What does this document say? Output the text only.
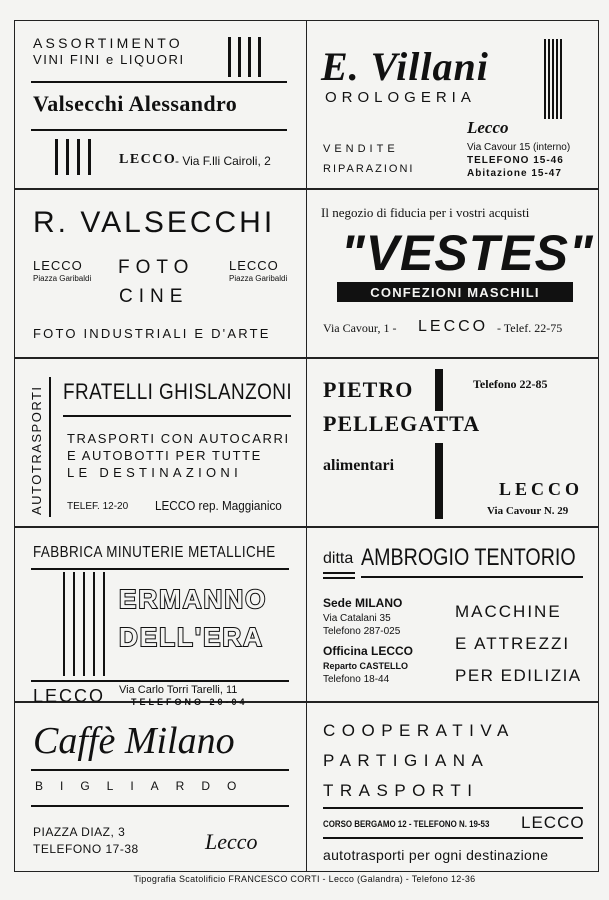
ASSORTIMENTO
VINI FINI e LIQUORI
Valsecchi Alessandro
LECCO
- Via F.lli Cairoli, 2
E. Villani
OROLOGERIA
Lecco
VENDITE
RIPARAZIONI
Via Cavour 15 (interno)
TELEFONO 15-46
Abitazione 15-47
R. VALSECCHI
LECCO
Piazza Garibaldi
FOTO
CINE
LECCO
Piazza Garibaldi
FOTO INDUSTRIALI E D'ARTE
Il negozio di fiducia per i vostri acquisti
"VESTES"
CONFEZIONI MASCHILI
Via Cavour, 1 - LECCO - Telef. 22-75
AUTOTRASPORTI FRATELLI GHISLANZONI
TRASPORTI CON AUTOCARRI
E AUTOBOTTI PER TUTTE
LE DESTINAZIONI
TELEF. 12-20 LECCO rep. Maggianico
PIETRO
PELLEGATTA
alimentari
Telefono 22-85
LECCO
Via Cavour N. 29
FABBRICA MINUTERIE METALLICHE
ERMANNO
DELL'ERA
LECCO Via Carlo Torri Tarelli, 11
TELEFONO 20-04
ditta AMBROGIO TENTORIO
Sede MILANO
Via Catalani 35
Telefono 287-025
Officina LECCO
Reparto CASTELLO
Telefono 18-44
MACCHINE
E ATTREZZI
PER EDILIZIA
Caffè Milano
BIGLIARDO
PIAZZA DIAZ, 3
TELEFONO 17-38	Lecco
COOPERATIVA
PARTIGIANA
TRASPORTI
CORSO BERGAMO 12 - TELEFONO N. 19-53 LECCO
autotrasporti per ogni destinazione
Tipografia Scatolificio FRANCESCO CORTI - Lecco (Galandra) - Telefono 12-36
